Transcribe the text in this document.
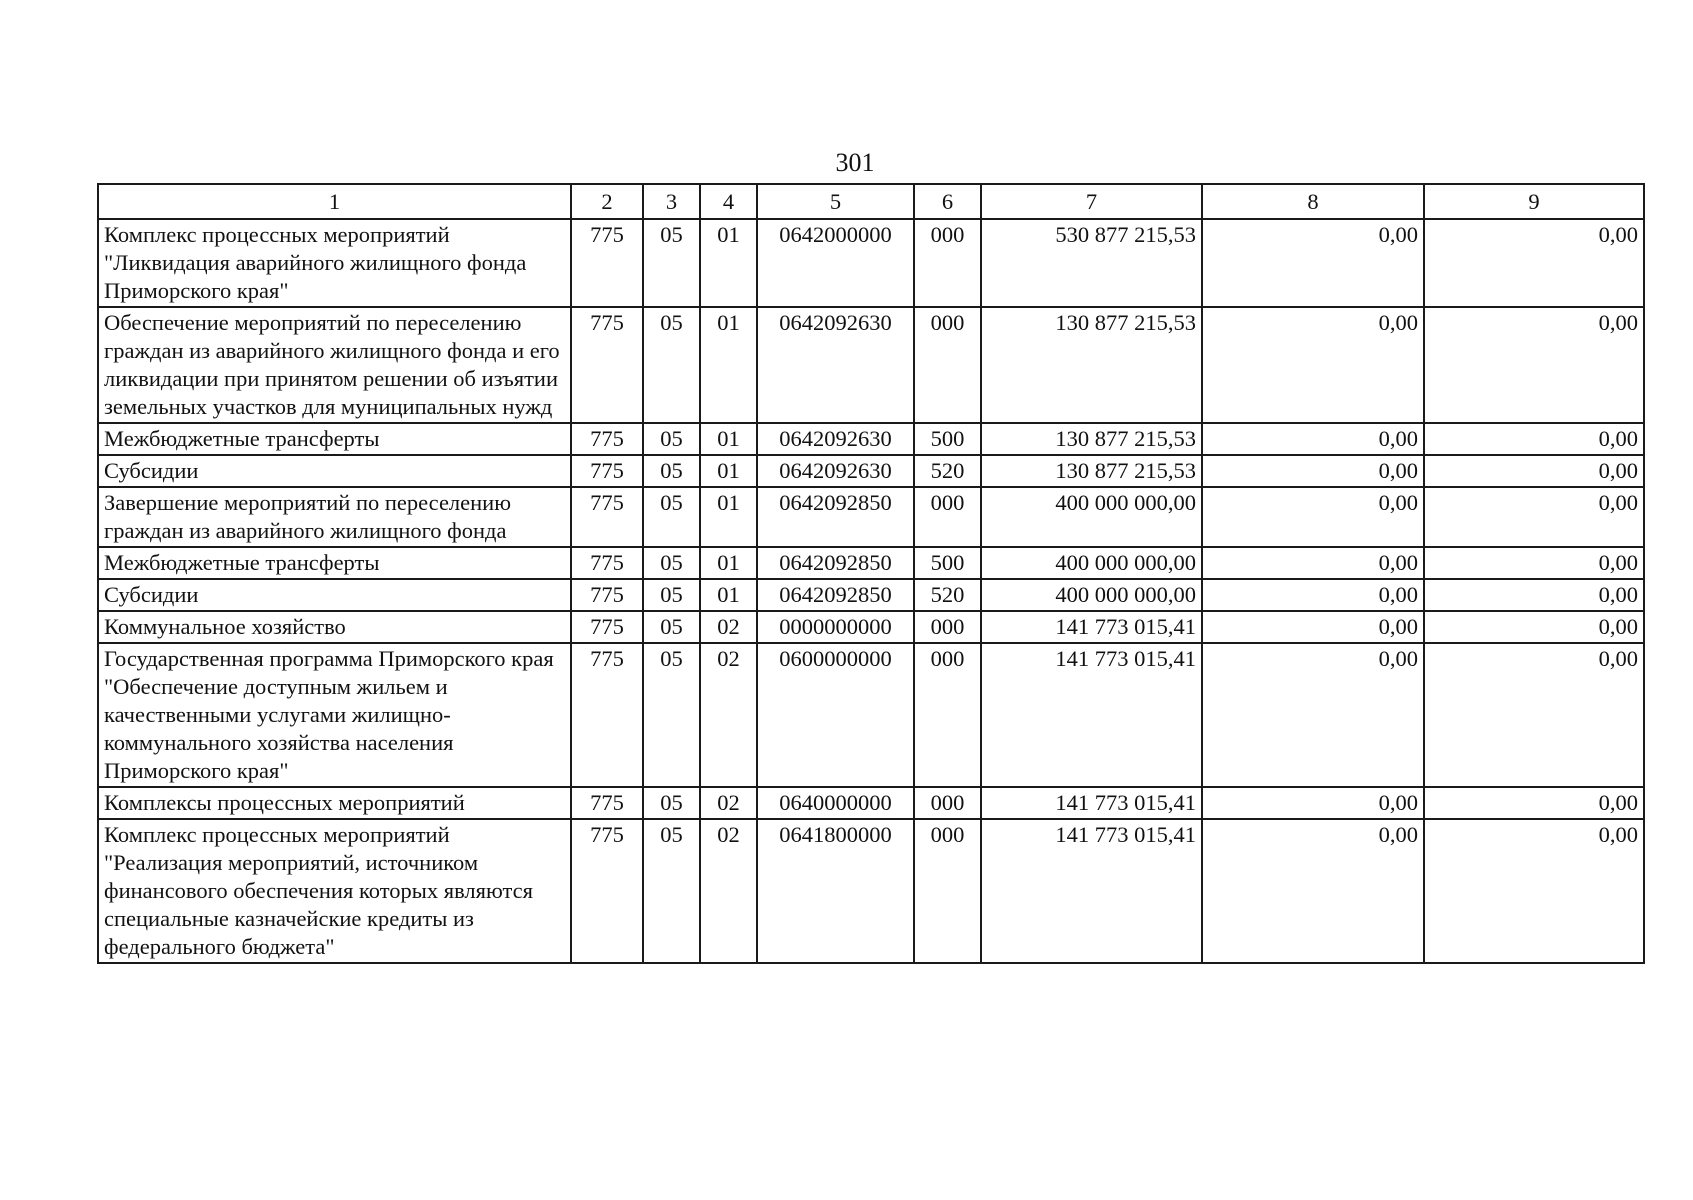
301
1	2	3	4	5	6	7	8	9
Комплекс процессных мероприятий "Ликвидация аварийного жилищного фонда Приморского края"	775	05	01	0642000000	000	530 877 215,53	0,00	0,00
Обеспечение мероприятий по переселению граждан из аварийного жилищного фонда и его ликвидации при принятом решении об изъятии земельных участков для муниципальных нужд	775	05	01	0642092630	000	130 877 215,53	0,00	0,00
Межбюджетные трансферты	775	05	01	0642092630	500	130 877 215,53	0,00	0,00
Субсидии	775	05	01	0642092630	520	130 877 215,53	0,00	0,00
Завершение мероприятий по переселению граждан из аварийного жилищного фонда	775	05	01	0642092850	000	400 000 000,00	0,00	0,00
Межбюджетные трансферты	775	05	01	0642092850	500	400 000 000,00	0,00	0,00
Субсидии	775	05	01	0642092850	520	400 000 000,00	0,00	0,00
Коммунальное хозяйство	775	05	02	0000000000	000	141 773 015,41	0,00	0,00
Государственная программа Приморского края "Обеспечение доступным жильем и качественными услугами жилищно-коммунального хозяйства населения Приморского края"	775	05	02	0600000000	000	141 773 015,41	0,00	0,00
Комплексы процессных мероприятий	775	05	02	0640000000	000	141 773 015,41	0,00	0,00
Комплекс процессных мероприятий "Реализация мероприятий, источником финансового обеспечения которых являются специальные казначейские кредиты из федерального бюджета"	775	05	02	0641800000	000	141 773 015,41	0,00	0,00
